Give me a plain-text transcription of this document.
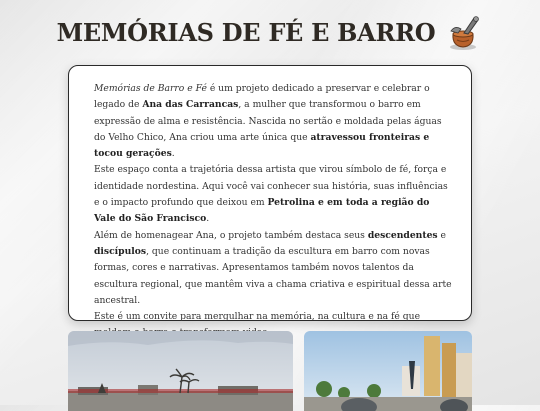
MEMÓRIAS DE FÉ E BARRO

Memórias de Barro e Fé é um projeto dedicado a preservar e celebrar o legado de Ana das Carrancas, a mulher que transformou o barro em expressão de alma e resistência. Nascida no sertão e moldada pelas águas do Velho Chico, Ana criou uma arte única que atravessou fronteiras e tocou gerações.

Este espaço conta a trajetória dessa artista que virou símbolo de fé, força e identidade nordestina. Aqui você vai conhecer sua história, suas influências e o impacto profundo que deixou em Petrolina e em toda a região do Vale do São Francisco.

Além de homenagear Ana, o projeto também destaca seus descendentes e discípulos, que continuam a tradição da escultura em barro com novas formas, cores e narrativas. Apresentamos também novos talentos da escultura regional, que mantêm viva a chama criativa e espiritual dessa arte ancestral.

Este é um convite para mergulhar na memória, na cultura e na fé que
